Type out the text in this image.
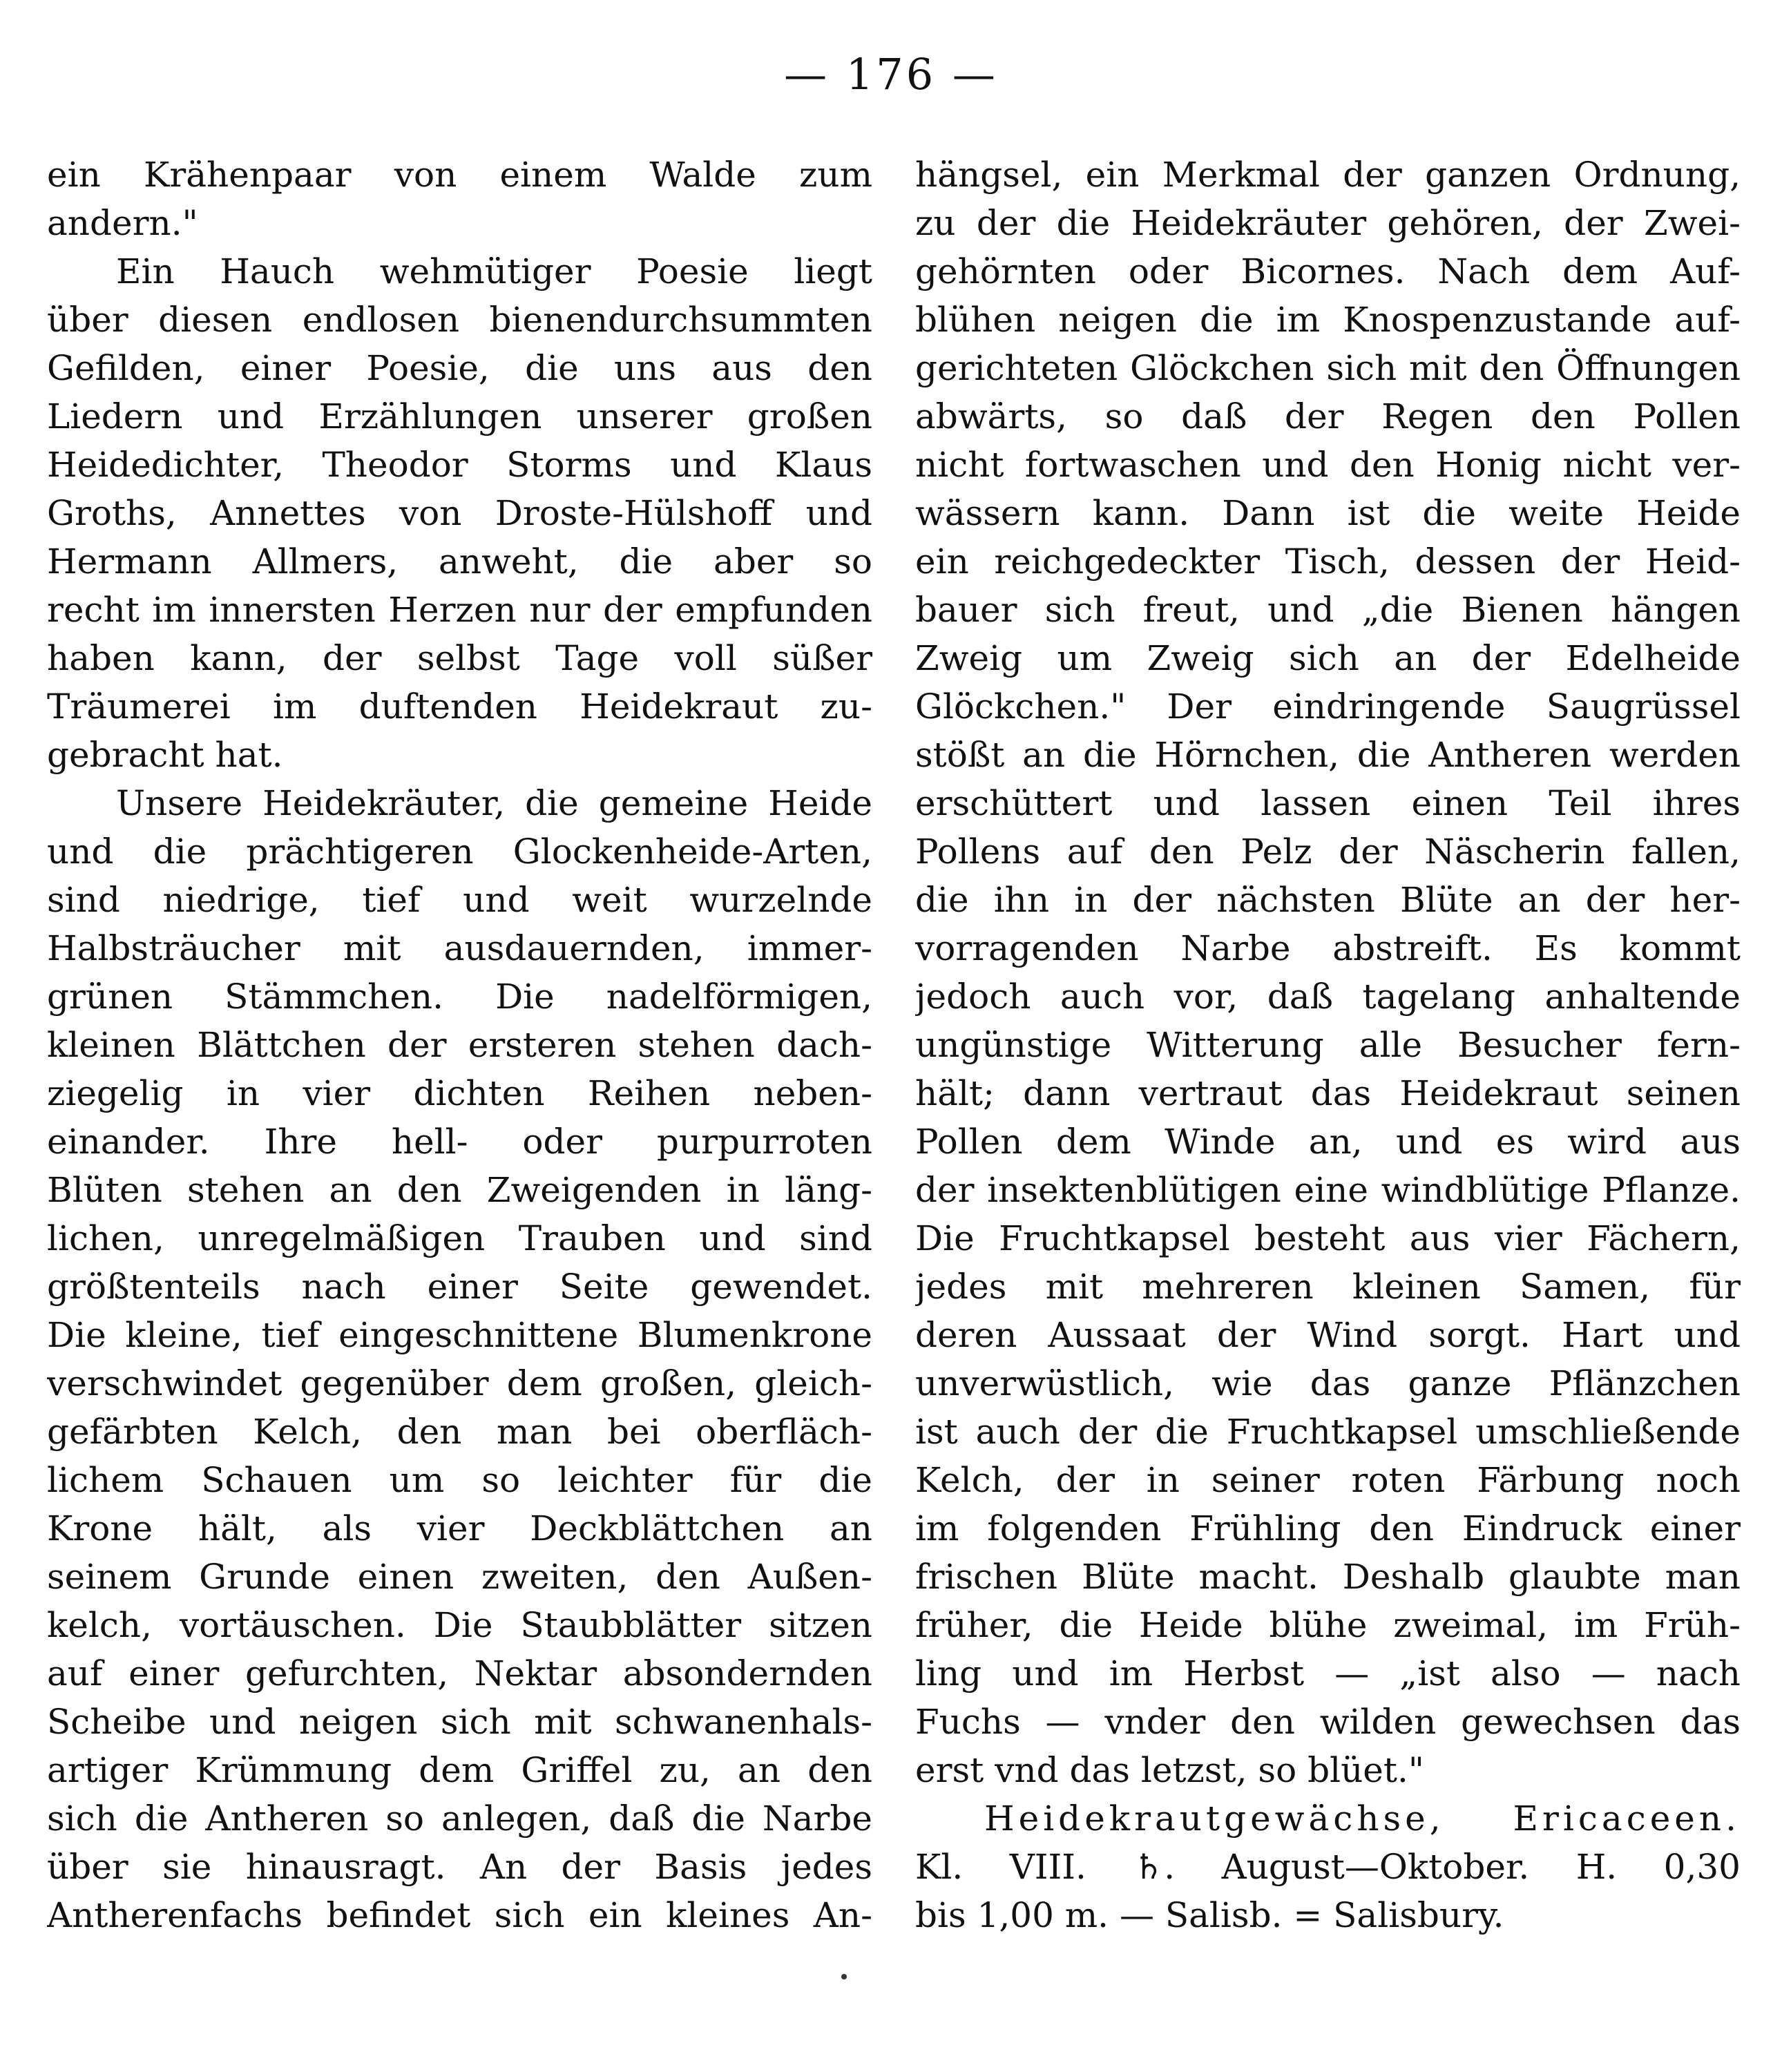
— 176 —
ein Krähenpaar von einem Walde zum
andern."
Ein Hauch wehmütiger Poesie liegt
über diesen endlosen bienendurchsummten
Gefilden, einer Poesie, die uns aus den
Liedern und Erzählungen unserer großen
Heidedichter, Theodor Storms und Klaus
Groths, Annettes von Droste-Hülshoff und
Hermann Allmers, anweht, die aber so
recht im innersten Herzen nur der empfunden
haben kann, der selbst Tage voll süßer
Träumerei im duftenden Heidekraut zu-
gebracht hat.
Unsere Heidekräuter, die gemeine Heide
und die prächtigeren Glockenheide-Arten,
sind niedrige, tief und weit wurzelnde
Halbsträucher mit ausdauernden, immer-
grünen Stämmchen. Die nadelförmigen,
kleinen Blättchen der ersteren stehen dach-
ziegelig in vier dichten Reihen neben-
einander. Ihre hell- oder purpurroten
Blüten stehen an den Zweigenden in läng-
lichen, unregelmäßigen Trauben und sind
größtenteils nach einer Seite gewendet.
Die kleine, tief eingeschnittene Blumenkrone
verschwindet gegenüber dem großen, gleich-
gefärbten Kelch, den man bei oberfläch-
lichem Schauen um so leichter für die
Krone hält, als vier Deckblättchen an
seinem Grunde einen zweiten, den Außen-
kelch, vortäuschen. Die Staubblätter sitzen
auf einer gefurchten, Nektar absondernden
Scheibe und neigen sich mit schwanenhals-
artiger Krümmung dem Griffel zu, an den
sich die Antheren so anlegen, daß die Narbe
über sie hinausragt. An der Basis jedes
Antherenfachs befindet sich ein kleines An-
hängsel, ein Merkmal der ganzen Ordnung,
zu der die Heidekräuter gehören, der Zwei-
gehörnten oder Bicornes. Nach dem Auf-
blühen neigen die im Knospenzustande auf-
gerichteten Glöckchen sich mit den Öffnungen
abwärts, so daß der Regen den Pollen
nicht fortwaschen und den Honig nicht ver-
wässern kann. Dann ist die weite Heide
ein reichgedeckter Tisch, dessen der Heid-
bauer sich freut, und „die Bienen hängen
Zweig um Zweig sich an der Edelheide
Glöckchen." Der eindringende Saugrüssel
stößt an die Hörnchen, die Antheren werden
erschüttert und lassen einen Teil ihres
Pollens auf den Pelz der Näscherin fallen,
die ihn in der nächsten Blüte an der her-
vorragenden Narbe abstreift. Es kommt
jedoch auch vor, daß tagelang anhaltende
ungünstige Witterung alle Besucher fern-
hält; dann vertraut das Heidekraut seinen
Pollen dem Winde an, und es wird aus
der insektenblütigen eine windblütige Pflanze.
Die Fruchtkapsel besteht aus vier Fächern,
jedes mit mehreren kleinen Samen, für
deren Aussaat der Wind sorgt. Hart und
unverwüstlich, wie das ganze Pflänzchen
ist auch der die Fruchtkapsel umschließende
Kelch, der in seiner roten Färbung noch
im folgenden Frühling den Eindruck einer
frischen Blüte macht. Deshalb glaubte man
früher, die Heide blühe zweimal, im Früh-
ling und im Herbst — „ist also — nach
Fuchs — vnder den wilden gewechsen das
erst vnd das letzst, so blüet."
Heidekrautgewächse, Ericaceen.
Kl. VIII. ♄. August—Oktober. H. 0,30
bis 1,00 m. — Salisb. = Salisbury.
